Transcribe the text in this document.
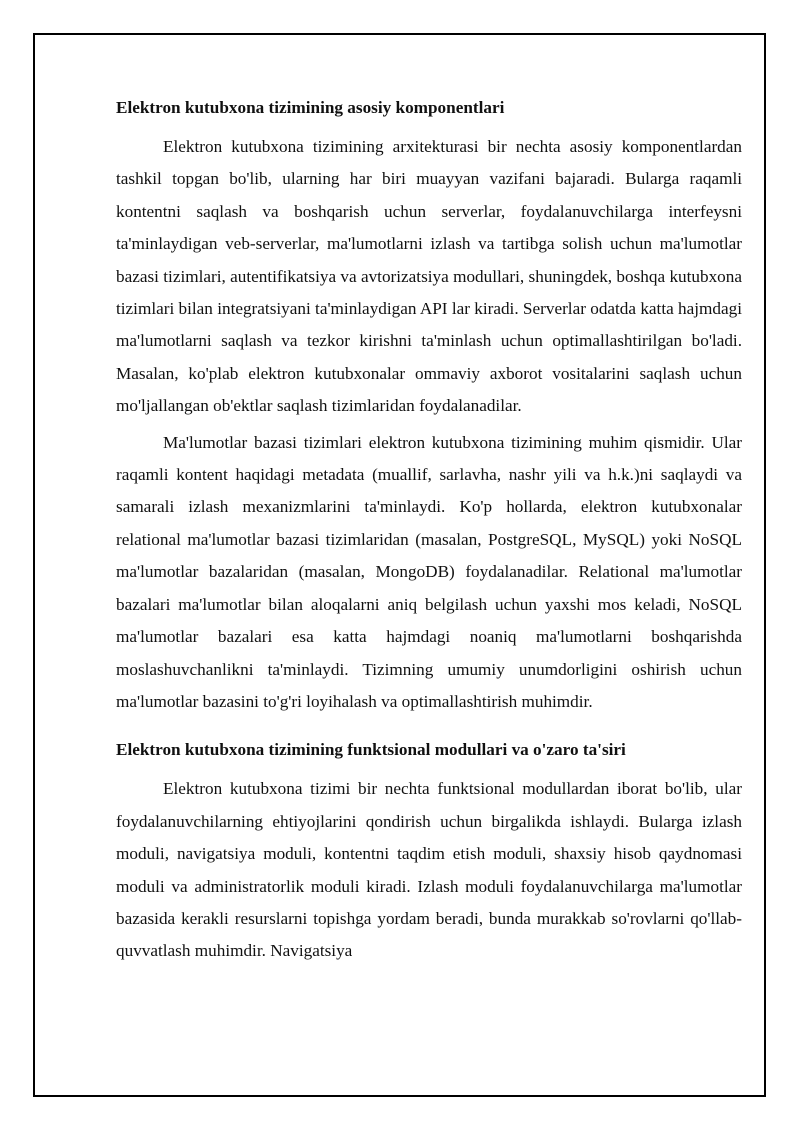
Elektron kutubxona tizimining asosiy komponentlari

Elektron kutubxona tizimining arxitekturasi bir nechta asosiy komponentlardan tashkil topgan bo'lib, ularning har biri muayyan vazifani bajaradi. Bularga raqamli kontentni saqlash va boshqarish uchun serverlar, foydalanuvchilarga interfeysni ta'minlaydigan veb-serverlar, ma'lumotlarni izlash va tartibga solish uchun ma'lumotlar bazasi tizimlari, autentifikatsiya va avtorizatsiya modullari, shuningdek, boshqa kutubxona tizimlari bilan integratsiyani ta'minlaydigan API lar kiradi. Serverlar odatda katta hajmdagi ma'lumotlarni saqlash va tezkor kirishni ta'minlash uchun optimallashtirilgan bo'ladi. Masalan, ko'plab elektron kutubxonalar ommaviy axborot vositalarini saqlash uchun mo'ljallangan ob'ektlar saqlash tizimlaridan foydalanadilar.

Ma'lumotlar bazasi tizimlari elektron kutubxona tizimining muhim qismidir. Ular raqamli kontent haqidagi metadata (muallif, sarlavha, nashr yili va h.k.)ni saqlaydi va samarali izlash mexanizmlarini ta'minlaydi. Ko'p hollarda, elektron kutubxonalar relational ma'lumotlar bazasi tizimlaridan (masalan, PostgreSQL, MySQL) yoki NoSQL ma'lumotlar bazalaridan (masalan, MongoDB) foydalanadilar. Relational ma'lumotlar bazalari ma'lumotlar bilan aloqalarni aniq belgilash uchun yaxshi mos keladi, NoSQL ma'lumotlar bazalari esa katta hajmdagi noaniq ma'lumotlarni boshqarishda moslashuvchanlikni ta'minlaydi. Tizimning umumiy unumdorligini oshirish uchun ma'lumotlar bazasini to'g'ri loyihalash va optimallashtirish muhimdir.

Elektron kutubxona tizimining funktsional modullari va o'zaro ta'siri

Elektron kutubxona tizimi bir nechta funktsional modullardan iborat bo'lib, ular foydalanuvchilarning ehtiyojlarini qondirish uchun birgalikda ishlaydi. Bularga izlash moduli, navigatsiya moduli, kontentni taqdim etish moduli, shaxsiy hisob qaydnomasi moduli va administratorlik moduli kiradi. Izlash moduli foydalanuvchilarga ma'lumotlar bazasida kerakli resurslarni topishga yordam beradi, bunda murakkab so'rovlarni qo'llab-quvvatlash muhimdir. Navigatsiya
